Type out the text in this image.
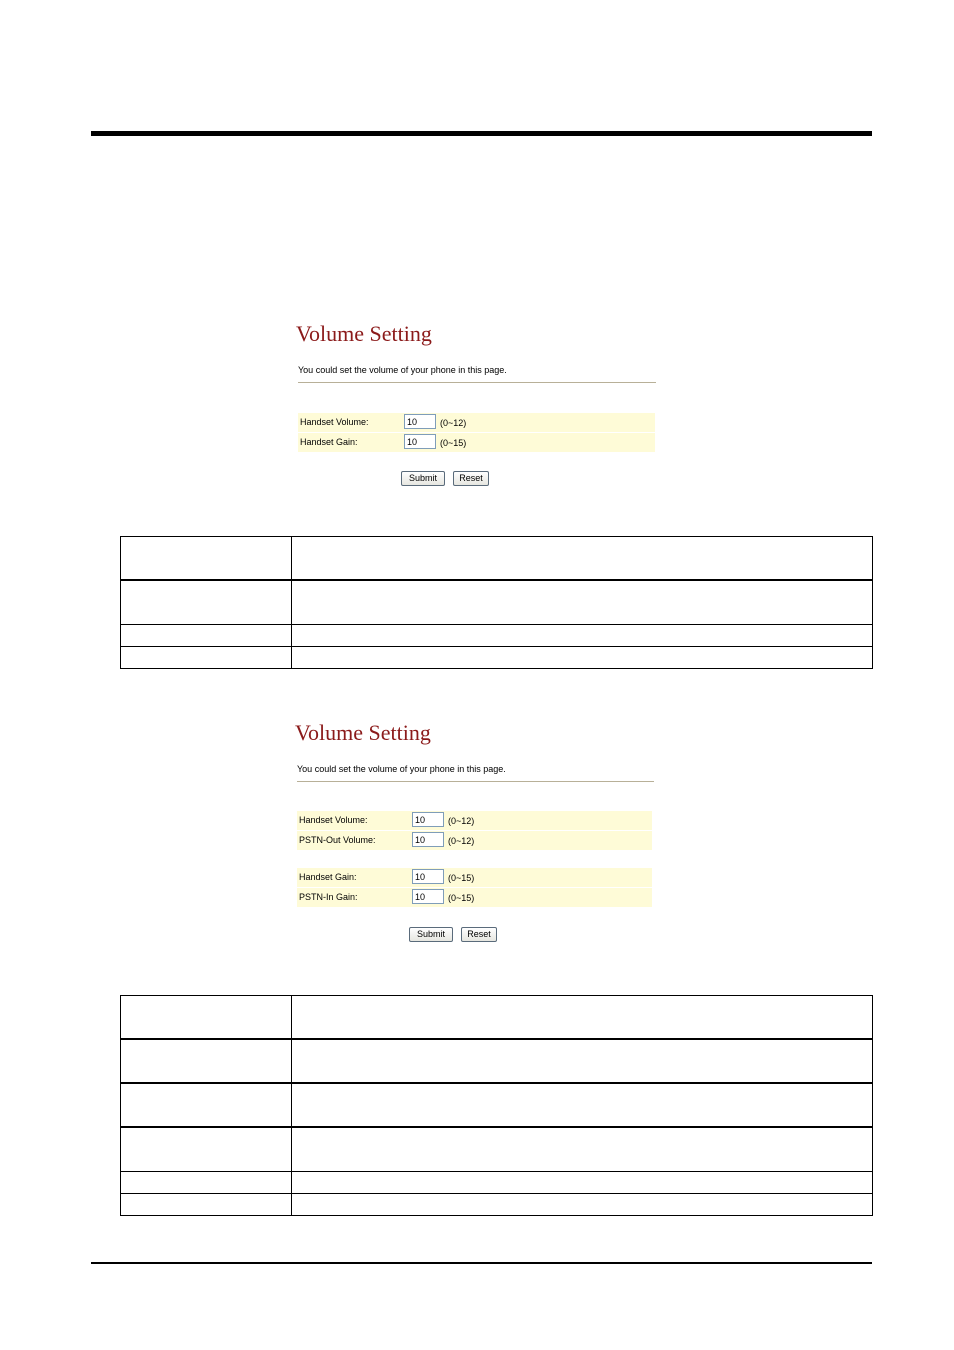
Volume Setting
You could set the volume of your phone in this page.
Handset Volume:
10	(0~12)
Handset Gain:
10	(0~15)
Submit	Reset
Volume Setting
You could set the volume of your phone in this page.
Handset Volume:
10	(0~12)
PSTN-Out Volume:
10	(0~12)
Handset Gain:
10	(0~15)
PSTN-In Gain:
10	(0~15)
Submit	Reset
